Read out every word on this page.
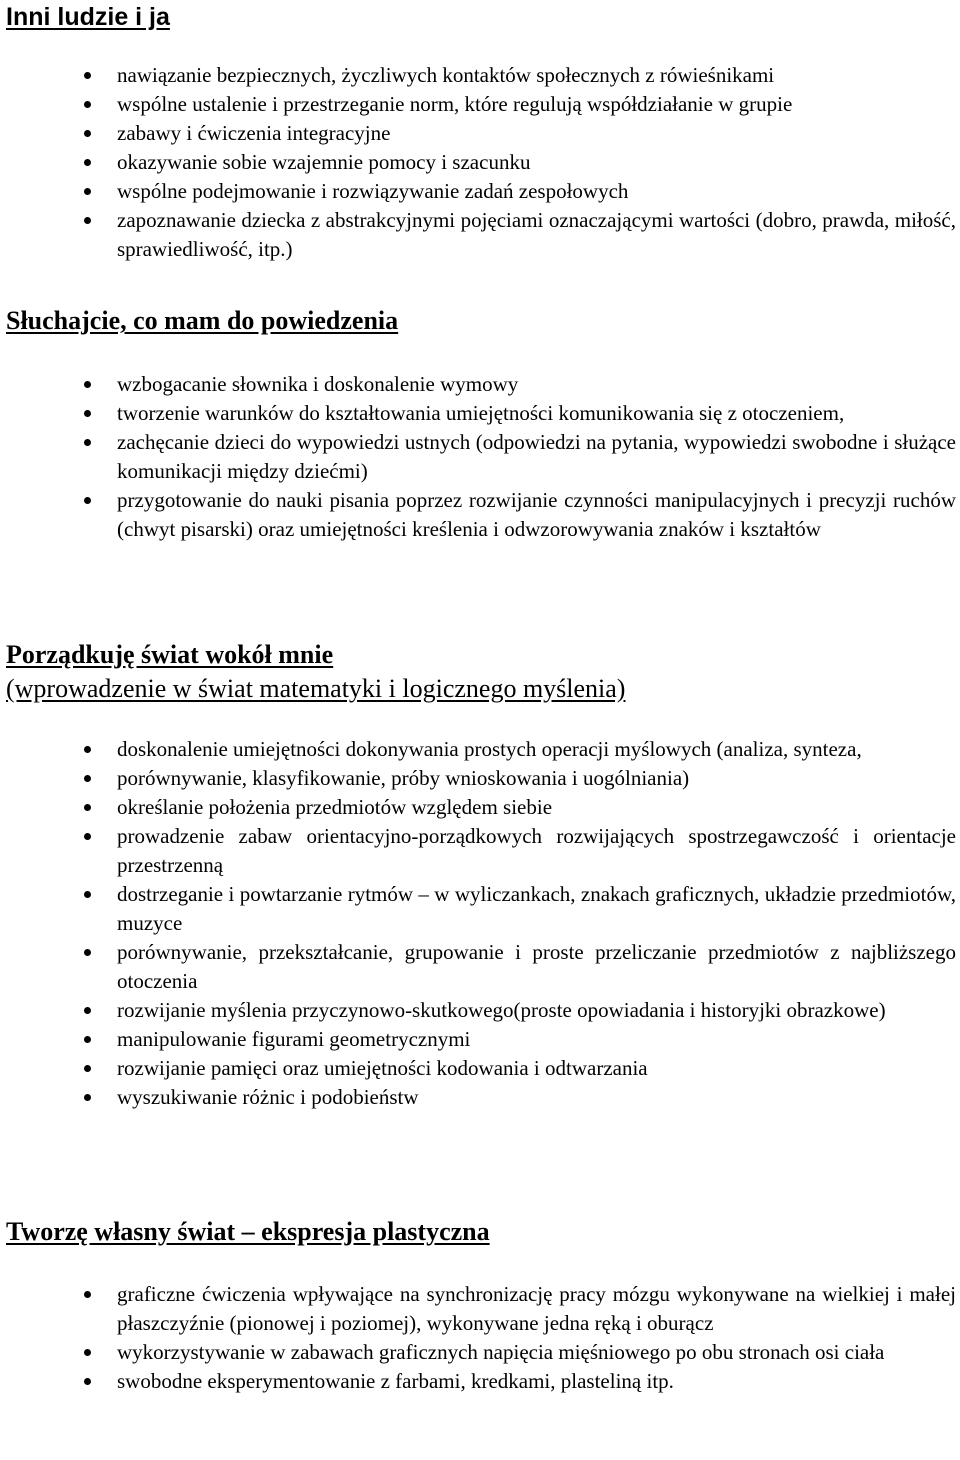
Inni ludzie i ja
nawiązanie bezpiecznych, życzliwych kontaktów społecznych z rówieśnikami
wspólne ustalenie i przestrzeganie norm, które regulują współdziałanie w grupie
zabawy i ćwiczenia integracyjne
okazywanie sobie wzajemnie pomocy i szacunku
wspólne podejmowanie i rozwiązywanie zadań zespołowych
zapoznawanie dziecka z abstrakcyjnymi pojęciami oznaczającymi wartości (dobro, prawda, miłość, sprawiedliwość, itp.)
Słuchajcie, co mam do powiedzenia
wzbogacanie słownika i doskonalenie wymowy
tworzenie warunków do kształtowania umiejętności komunikowania się z otoczeniem,
zachęcanie dzieci do wypowiedzi ustnych (odpowiedzi na pytania, wypowiedzi swobodne i służące komunikacji między dziećmi)
przygotowanie do nauki pisania poprzez rozwijanie czynności manipulacyjnych i precyzji ruchów (chwyt pisarski) oraz umiejętności kreślenia i odwzorowywania znaków i kształtów
Porządkuję świat wokół mnie
(wprowadzenie w świat matematyki i logicznego myślenia)
doskonalenie umiejętności dokonywania prostych operacji myślowych (analiza, synteza,
porównywanie, klasyfikowanie, próby wnioskowania i uogólniania)
określanie położenia przedmiotów względem siebie
prowadzenie zabaw orientacyjno-porządkowych rozwijających spostrzegawczość i orientacje przestrzenną
dostrzeganie i powtarzanie rytmów – w wyliczankach, znakach graficznych, układzie przedmiotów, muzyce
porównywanie, przekształcanie, grupowanie i proste przeliczanie przedmiotów z najbliższego otoczenia
rozwijanie myślenia przyczynowo-skutkowego(proste opowiadania i historyjki obrazkowe)
manipulowanie figurami geometrycznymi
rozwijanie pamięci oraz umiejętności kodowania i odtwarzania
wyszukiwanie różnic i podobieństw
Tworzę własny świat – ekspresja plastyczna
graficzne ćwiczenia wpływające na synchronizację pracy mózgu wykonywane na wielkiej i małej płaszczyźnie (pionowej i poziomej), wykonywane jedna ręką i oburącz
wykorzystywanie w zabawach graficznych napięcia mięśniowego po obu stronach osi ciała
swobodne eksperymentowanie z farbami, kredkami, plasteliną itp.
